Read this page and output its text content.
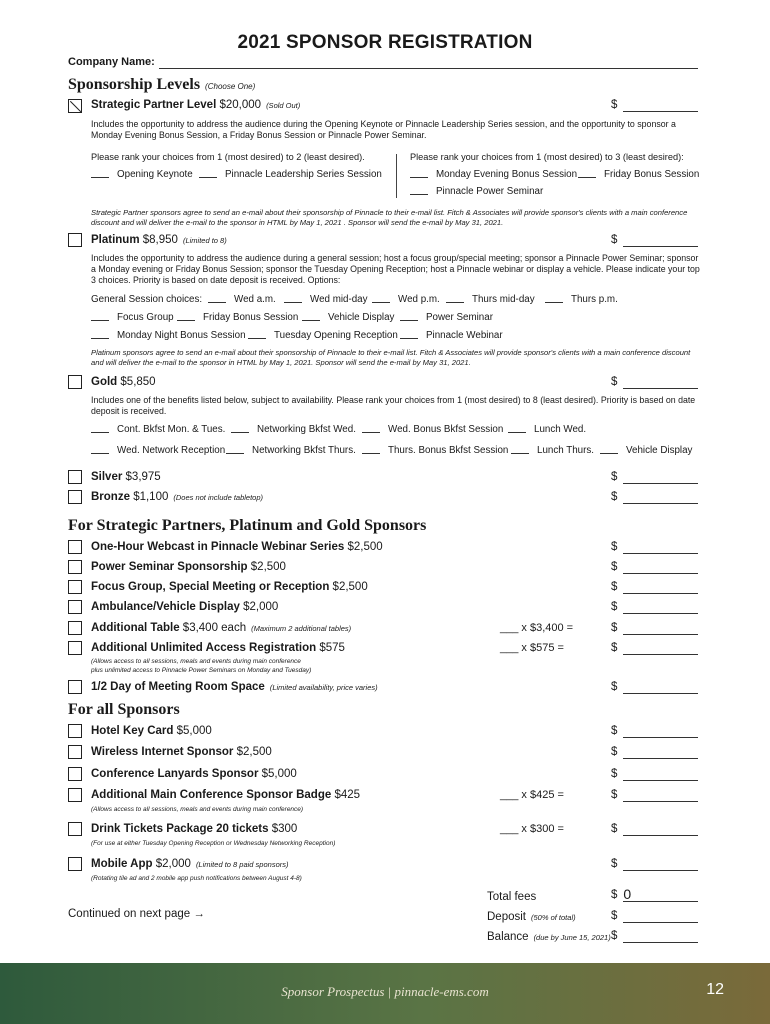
2021 SPONSOR REGISTRATION
Company Name:
Sponsorship Levels (Choose One)
Strategic Partner Level $20,000 (Sold Out)	$
Includes the opportunity to address the audience during the Opening Keynote or Pinnacle Leadership Series session, and the opportunity to sponsor a Monday Evening Bonus Session, a Friday Bonus Session or Pinnacle Power Seminar.
Please rank your choices from 1 (most desired) to 2 (least desired).	Please rank your choices from 1 (most desired) to 3 (least desired):
Opening Keynote	Pinnacle Leadership Series Session	Monday Evening Bonus Session	Friday Bonus Session
Pinnacle Power Seminar
Strategic Partner sponsors agree to send an e-mail about their sponsorship of Pinnacle to their e-mail list. Fitch & Associates will provide sponsor's clients with a main conference discount and will deliver the e-mail to the sponsor in HTML by May 1, 2021 . Sponsor will send the e-mail by May 31, 2021.
Platinum $8,950 (Limited to 8)	$
Includes the opportunity to address the audience during a general session; host a focus group/special meeting; sponsor a Pinnacle Power Seminar; sponsor a Monday evening or Friday Bonus Session; sponsor the Tuesday Opening Reception; host a Pinnacle webinar or display a vehicle. Please indicate your top 3 choices. Priority is based on date deposit is received. Options:
General Session choices:	Wed a.m.	Wed mid-day	Wed p.m.	Thurs mid-day	Thurs p.m.
Focus Group	Friday Bonus Session	Vehicle Display	Power Seminar
Monday Night Bonus Session	Tuesday Opening Reception	Pinnacle Webinar
Platinum sponsors agree to send an e-mail about their sponsorship of Pinnacle to their e-mail list. Fitch & Associates will provide sponsor's clients with a main conference discount and will deliver the e-mail to the sponsor in HTML by May 1, 2021. Sponsor will send the e-mail by May 31, 2021.
Gold $5,850	$
Includes one of the benefits listed below, subject to availability. Please rank your choices from 1 (most desired) to 8 (least desired). Priority is based on date deposit is received.
Cont. Bkfst Mon. & Tues.	Networking Bkfst Wed.	Wed. Bonus Bkfst Session	Lunch Wed.
Wed. Network Reception	Networking Bkfst Thurs.	Thurs. Bonus Bkfst Session	Lunch Thurs.	Vehicle Display
Silver $3,975	$
Bronze $1,100 (Does not include tabletop)	$
For Strategic Partners, Platinum and Gold Sponsors
One-Hour Webcast in Pinnacle Webinar Series $2,500	$
Power Seminar Sponsorship $2,500	$
Focus Group, Special Meeting or Reception $2,500	$
Ambulance/Vehicle Display $2,000	$
Additional Table $3,400 each (Maximum 2 additional tables)	___ x $3,400 =	$
Additional Unlimited Access Registration $575	___ x $575 =	$
(Allows access to all sessions, meals and events during main conference
plus unlimited access to Pinnacle Power Seminars on Monday and Tuesday)
1/2 Day of Meeting Room Space (Limited availability, price varies)	$
For all Sponsors
Hotel Key Card $5,000	$
Wireless Internet Sponsor $2,500	$
Conference Lanyards Sponsor $5,000	$
Additional Main Conference Sponsor Badge $425	___ x $425 =	$
(Allows access to all sessions, meals and events during main conference)
Drink Tickets Package 20 tickets $300	___ x $300 =	$
(For use at either Tuesday Opening Reception or Wednesday Networking Reception)
Mobile App $2,000 (Limited to 8 paid sponsors)	$
(Rotating tile ad and 2 mobile app push notifications between August 4-8)
Total fees	$ 0
Deposit (50% of total)	$
Balance (due by June 15, 2021) $
Continued on next page →
Sponsor Prospectus | pinnacle-ems.com	12
